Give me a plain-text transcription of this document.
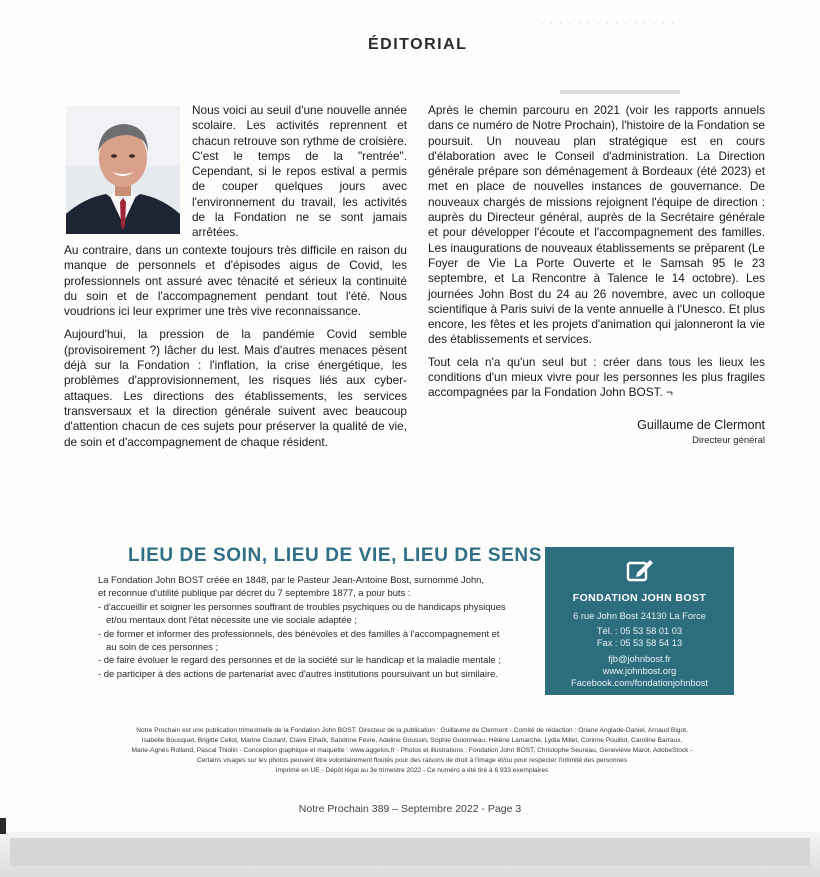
· · · · · · · · · · · · · · ·
ÉDITORIAL
Nous voici au seuil d'une nouvelle année scolaire. Les activités reprennent et chacun retrouve son rythme de croisière. C'est le temps de la "rentrée". Cependant, si le repos estival a permis de couper quelques jours avec l'environnement du travail, les activités de la Fondation ne se sont jamais arrêtées.

Au contraire, dans un contexte toujours très difficile en raison du manque de personnels et d'épisodes aigus de Covid, les professionnels ont assuré avec ténacité et sérieux la continuité du soin et de l'accompagnement pendant tout l'été. Nous voudrions ici leur exprimer une très vive reconnaissance.

Aujourd'hui, la pression de la pandémie Covid semble (provisoirement ?) lâcher du lest. Mais d'autres menaces pèsent déjà sur la Fondation : l'inflation, la crise énergétique, les problèmes d'approvisionnement, les risques liés aux cyber-attaques. Les directions des établissements, les services transversaux et la direction générale suivent avec beaucoup d'attention chacun de ces sujets pour préserver la qualité de vie, de soin et d'accompagnement de chaque résident.

Après le chemin parcouru en 2021 (voir les rapports annuels dans ce numéro de Notre Prochain), l'histoire de la Fondation se poursuit. Un nouveau plan stratégique est en cours d'élaboration avec le Conseil d'administration. La Direction générale prépare son déménagement à Bordeaux (été 2023) et met en place de nouvelles instances de gouvernance. De nouveaux chargés de missions rejoignent l'équipe de direction : auprès du Directeur général, auprès de la Secrétaire générale et pour développer l'écoute et l'accompagnement des familles. Les inaugurations de nouveaux établissements se préparent (Le Foyer de Vie La Porte Ouverte et le Samsah 95 le 23 septembre, et La Rencontre à Talence le 14 octobre). Les journées John Bost du 24 au 26 novembre, avec un colloque scientifique à Paris suivi de la vente annuelle à l'Unesco. Et plus encore, les fêtes et les projets d'animation qui jalonneront la vie des établissements et services.

Tout cela n'a qu'un seul but : créer dans tous les lieux les conditions d'un mieux vivre pour les personnes les plus fragiles accompagnées par la Fondation John BOST. ¬

Guillaume de Clermont
Directeur général
LIEU DE SOIN, LIEU DE VIE, LIEU DE SENS
La Fondation John BOST créée en 1848, par le Pasteur Jean-Antoine Bost, surnommé John,
et reconnue d'utilité publique par décret du 7 septembre 1877, a pour buts :
- d'accueillir et soigner les personnes souffrant de troubles psychiques ou de handicaps physiques
et/ou mentaux dont l'état nécessite une vie sociale adaptée ;
- de former et informer des professionnels, des bénévoles et des familles à l'accompagnement et
au soin de ces personnes ;
- de faire évoluer le regard des personnes et de la société sur le handicap et la maladie mentale ;
- de participer à des actions de partenariat avec d'autres institutions poursuivant un but similaire.
FONDATION JOHN BOST
6 rue John Bost 24130 La Force
Tél. : 05 53 58 01 03
Fax : 05 53 58 54 13
fjb@johnbost.fr
www.johnbost.org
Facebook.com/fondationjohnbost
Notre Prochain est une publication trimestrielle de la Fondation John BOST. Directeur de la publication : Guillaume de Clermont - Comité de rédaction : Oriane Anglade-Daniel, Arnaud Bigot,
Isabelle Bousquet, Brigitte Cellot, Marine Coutant, Claire Elhaïk, Sandrine Fevre, Adeline Goussin, Sophie Guionneau, Hélène Lamarche, Lydia Millet, Corinne Pouillot, Caroline Barraux,
Marie-Agnès Rolland, Pascal Thiolin - Conception graphique et maquette : www.aggelos.fr - Photos et illustrations : Fondation John BOST, Christophe Seureau, Geneviève Marot, AdobeStock -
Certains visages sur les photos peuvent être volontairement floutés pour des raisons de droit à l'image et/ou pour respecter l'intimité des personnes
Imprimé en UE - Dépôt légal au 3e trimestre 2022 - Ce numéro a été tiré à 6 933 exemplaires
Notre Prochain 389 – Septembre 2022 - Page 3
